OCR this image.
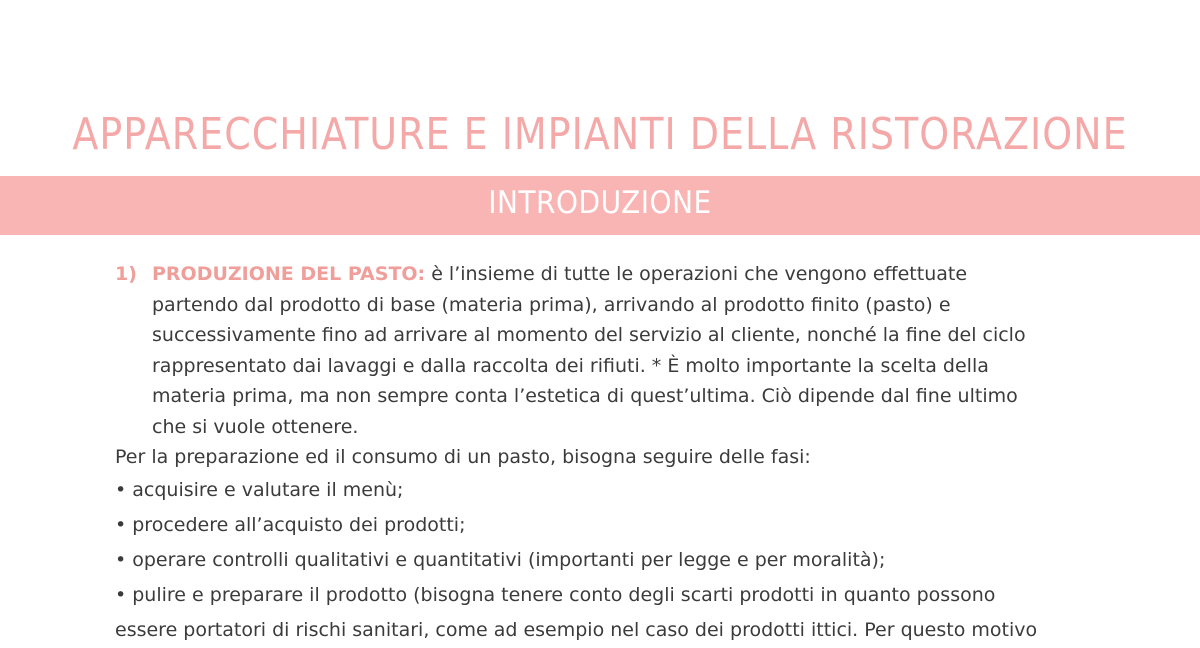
APPARECCHIATURE E IMPIANTI DELLA RISTORAZIONE
INTRODUZIONE
1) PRODUZIONE DEL PASTO: è l’insieme di tutte le operazioni che vengono effettuate
partendo dal prodotto di base (materia prima), arrivando al prodotto finito (pasto) e
successivamente fino ad arrivare al momento del servizio al cliente, nonché la fine del ciclo
rappresentato dai lavaggi e dalla raccolta dei rifiuti. * È molto importante la scelta della
materia prima, ma non sempre conta l’estetica di quest’ultima. Ciò dipende dal fine ultimo
che si vuole ottenere.
Per la preparazione ed il consumo di un pasto, bisogna seguire delle fasi:
• acquisire e valutare il menù;
• procedere all’acquisto dei prodotti;
• operare controlli qualitativi e quantitativi (importanti per legge e per moralità);
• pulire e preparare il prodotto (bisogna tenere conto degli scarti prodotti in quanto possono
essere portatori di rischi sanitari, come ad esempio nel caso dei prodotti ittici. Per questo motivo
